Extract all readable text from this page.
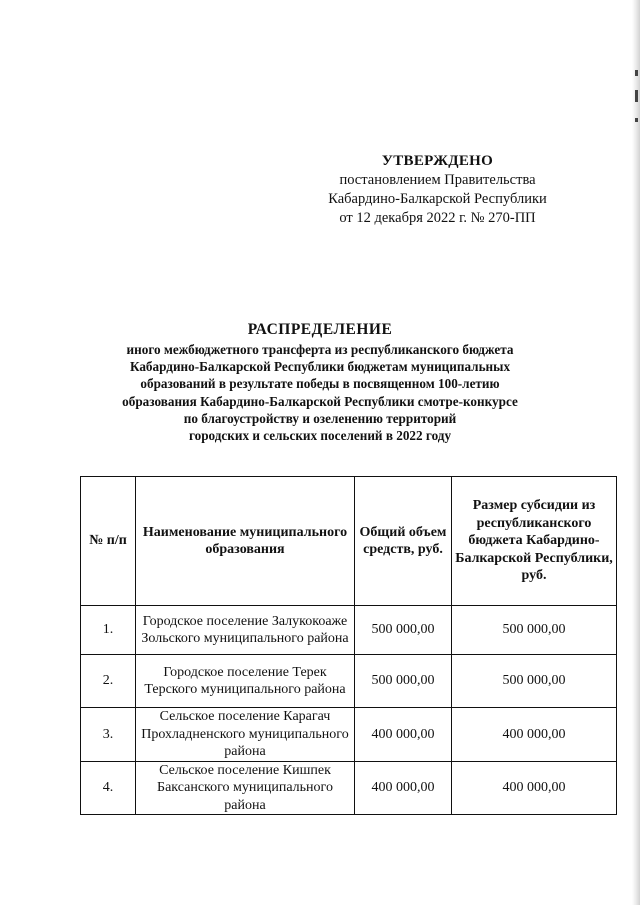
УТВЕРЖДЕНО
постановлением Правительства
Кабардино-Балкарской Республики
от 12 декабря 2022 г. № 270-ПП
РАСПРЕДЕЛЕНИЕ
иного межбюджетного трансферта из республиканского бюджета
Кабардино-Балкарской Республики бюджетам муниципальных
образований в результате победы в посвященном 100-летию
образования Кабардино-Балкарской Республики смотре-конкурсе
по благоустройству и озеленению территорий
городских и сельских поселений в 2022 году
№ п/п	Наименование муниципального образования	Общий объем средств, руб.	Размер субсидии из республиканского бюджета Кабардино-Балкарской Республики, руб.
1.	Городское поселение Залукокоаже Зольского муниципального района	500 000,00	500 000,00
2.	Городское поселение Терек Терского муниципального района	500 000,00	500 000,00
3.	Сельское поселение Карагач Прохладненского муниципального района	400 000,00	400 000,00
4.	Сельское поселение Кишпек Баксанского муниципального района	400 000,00	400 000,00
